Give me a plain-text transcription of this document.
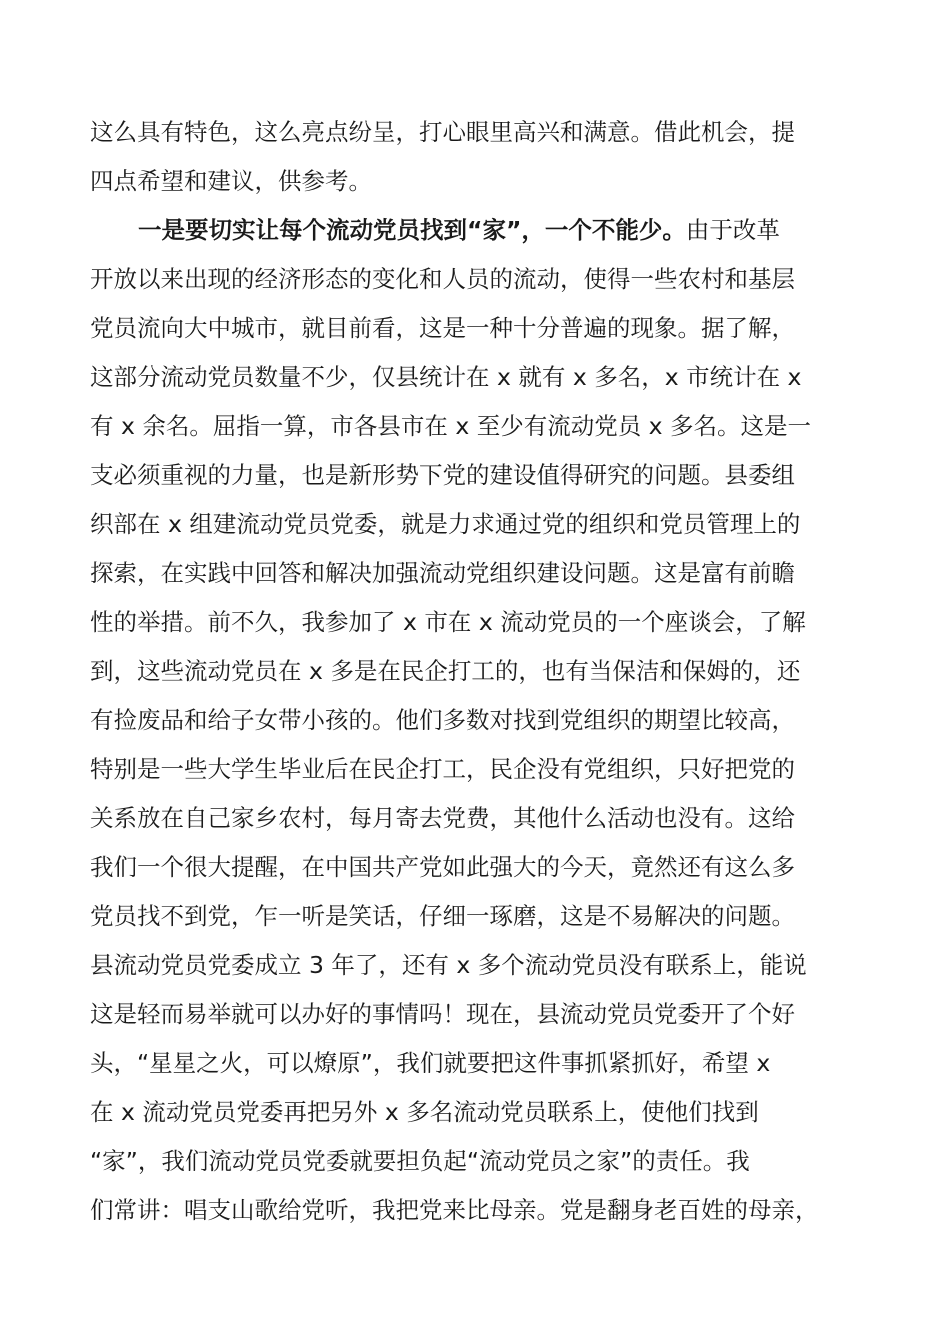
这么具有特色，这么亮点纷呈，打心眼里高兴和满意。借此机会，提
四点希望和建议，供参考。
一是要切实让每个流动党员找到“家”，一个不能少。由于改革
开放以来出现的经济形态的变化和人员的流动，使得一些农村和基层
党员流向大中城市，就目前看，这是一种十分普遍的现象。据了解，
这部分流动党员数量不少，仅县统计在 x 就有 x 多名，x 市统计在 x
有 x 余名。屈指一算，市各县市在 x 至少有流动党员 x 多名。这是一
支必须重视的力量，也是新形势下党的建设值得研究的问题。县委组
织部在 x 组建流动党员党委，就是力求通过党的组织和党员管理上的
探索，在实践中回答和解决加强流动党组织建设问题。这是富有前瞻
性的举措。前不久，我参加了 x 市在 x 流动党员的一个座谈会，了解
到，这些流动党员在 x 多是在民企打工的，也有当保洁和保姆的，还
有捡废品和给子女带小孩的。他们多数对找到党组织的期望比较高，
特别是一些大学生毕业后在民企打工，民企没有党组织，只好把党的
关系放在自己家乡农村，每月寄去党费，其他什么活动也没有。这给
我们一个很大提醒，在中国共产党如此强大的今天，竟然还有这么多
党员找不到党，乍一听是笑话，仔细一琢磨，这是不易解决的问题。
县流动党员党委成立 3 年了，还有 x 多个流动党员没有联系上，能说
这是轻而易举就可以办好的事情吗！现在，县流动党员党委开了个好
头，“星星之火，可以燎原”，我们就要把这件事抓紧抓好，希望 x
在 x 流动党员党委再把另外 x 多名流动党员联系上，使他们找到
“家”，我们流动党员党委就要担负起“流动党员之家”的责任。我
们常讲：唱支山歌给党听，我把党来比母亲。党是翻身老百姓的母亲，
